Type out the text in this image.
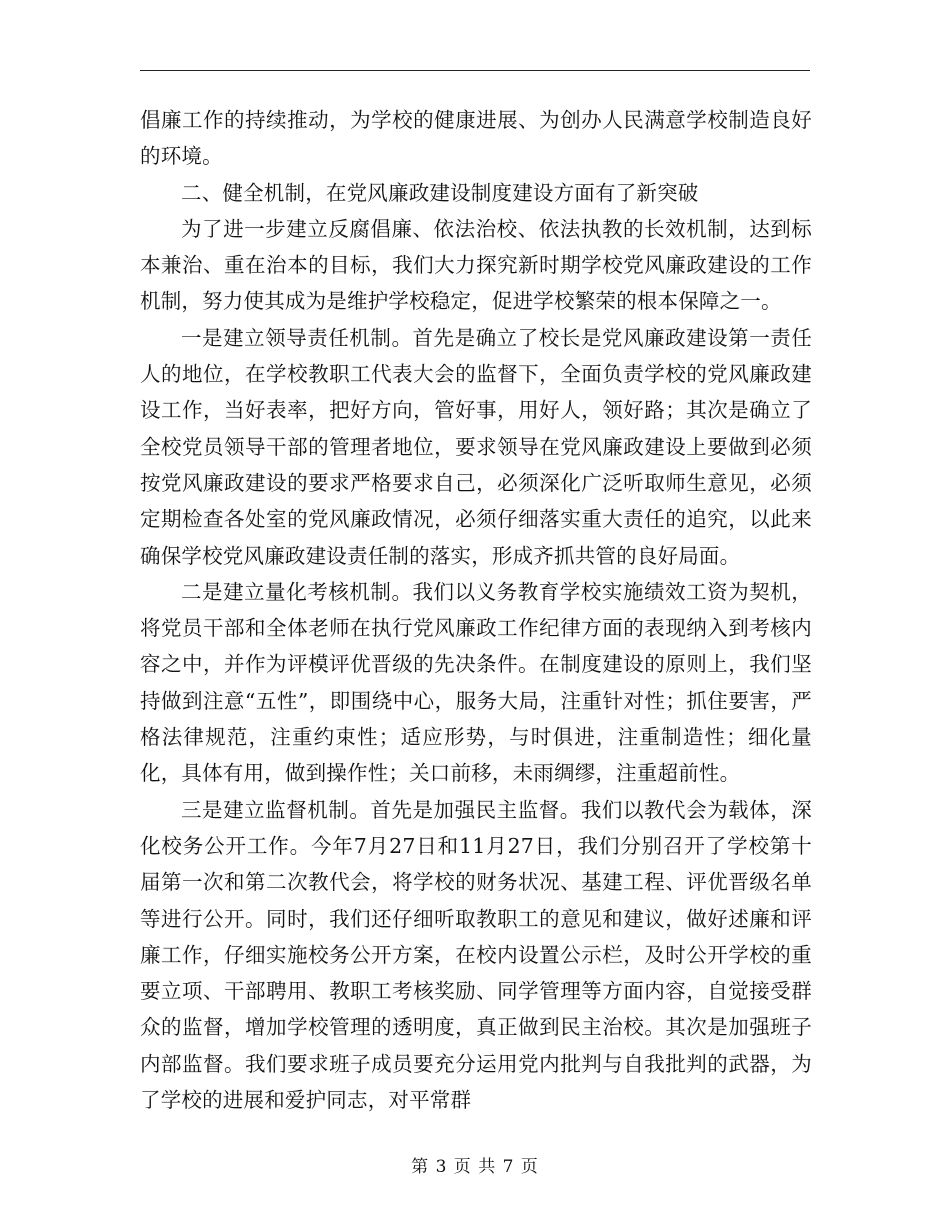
倡廉工作的持续推动，为学校的健康进展、为创办人民满意学校制造良好的环境。

二、健全机制，在党风廉政建设制度建设方面有了新突破

为了进一步建立反腐倡廉、依法治校、依法执教的长效机制，达到标本兼治、重在治本的目标，我们大力探究新时期学校党风廉政建设的工作机制，努力使其成为是维护学校稳定，促进学校繁荣的根本保障之一。

一是建立领导责任机制。首先是确立了校长是党风廉政建设第一责任人的地位，在学校教职工代表大会的监督下，全面负责学校的党风廉政建设工作，当好表率，把好方向，管好事，用好人，领好路；其次是确立了全校党员领导干部的管理者地位，要求领导在党风廉政建设上要做到必须按党风廉政建设的要求严格要求自己，必须深化广泛听取师生意见，必须定期检查各处室的党风廉政情况，必须仔细落实重大责任的追究，以此来确保学校党风廉政建设责任制的落实，形成齐抓共管的良好局面。

二是建立量化考核机制。我们以义务教育学校实施绩效工资为契机，将党员干部和全体老师在执行党风廉政工作纪律方面的表现纳入到考核内容之中，并作为评模评优晋级的先决条件。在制度建设的原则上，我们坚持做到注意“五性”，即围绕中心，服务大局，注重针对性；抓住要害，严格法律规范，注重约束性；适应形势，与时俱进，注重制造性；细化量化，具体有用，做到操作性；关口前移，未雨绸缪，注重超前性。

三是建立监督机制。首先是加强民主监督。我们以教代会为载体，深化校务公开工作。今年7月27日和11月27日，我们分别召开了学校第十届第一次和第二次教代会，将学校的财务状况、基建工程、评优晋级名单等进行公开。同时，我们还仔细听取教职工的意见和建议，做好述廉和评廉工作，仔细实施校务公开方案，在校内设置公示栏，及时公开学校的重要立项、干部聘用、教职工考核奖励、同学管理等方面内容，自觉接受群众的监督，增加学校管理的透明度，真正做到民主治校。其次是加强班子内部监督。我们要求班子成员要充分运用党内批判与自我批判的武器，为了学校的进展和爱护同志，对平常群

第 3 页 共 7 页
